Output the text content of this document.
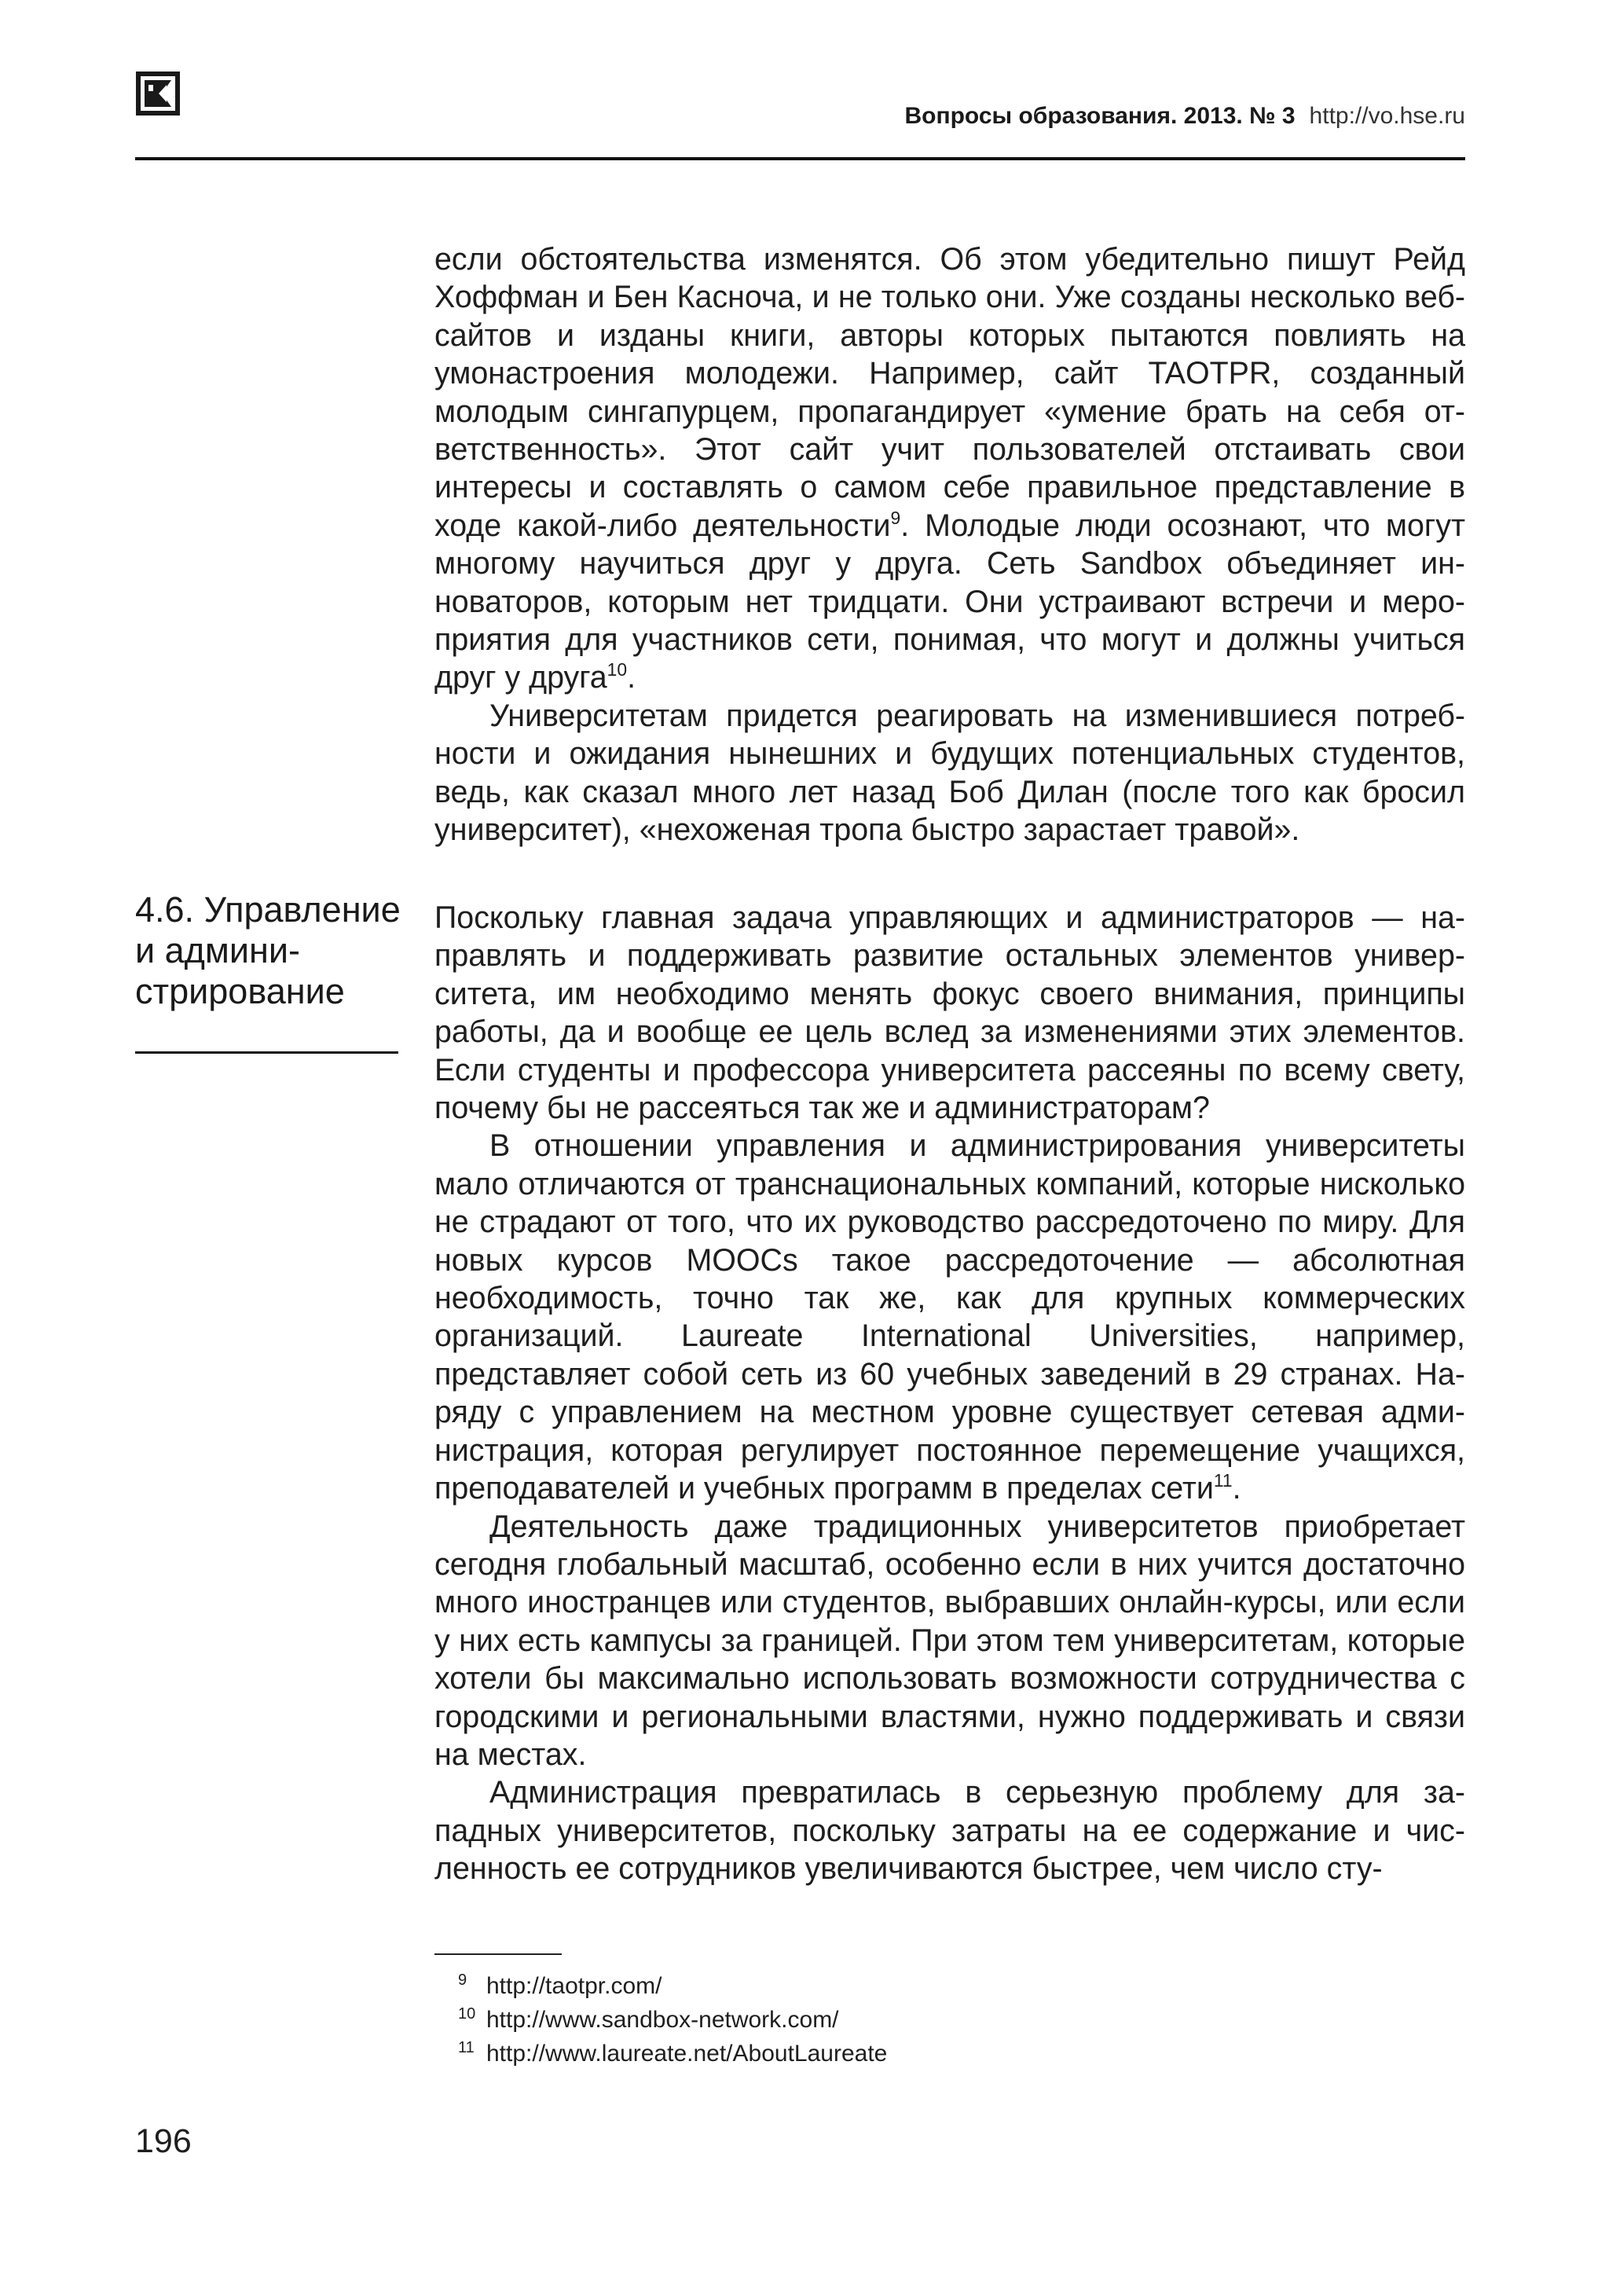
Вопросы образования. 2013. № 3 http://vo.hse.ru

если обстоятельства изменятся. Об этом убедительно пишут Рейд Хоффман и Бен Касноча, и не только они. Уже созданы несколько веб-сайтов и изданы книги, авторы которых пытаются повлиять на умонастроения молодежи. Например, сайт TAOTPR, созданный молодым сингапурцем, пропагандирует «умение брать на себя ответственность». Этот сайт учит пользователей отстаивать свои интересы и составлять о самом себе правильное представление в ходе какой-либо деятельности$^9$. Молодые люди осознают, что могут многому научиться друг у друга. Сеть Sandbox объединяет инноваторов, которым нет тридцати. Они устраивают встречи и мероприятия для участников сети, понимая, что могут и должны учиться друг у друга$^{10}$.

Университетам придется реагировать на изменившиеся потребности и ожидания нынешних и будущих потенциальных студентов, ведь, как сказал много лет назад Боб Дилан (после того как бросил университет), «нехоженая тропа быстро зарастает травой».

4.6. Управление и администрирование

Поскольку главная задача управляющих и администраторов — направлять и поддерживать развитие остальных элементов университета, им необходимо менять фокус своего внимания, принципы работы, да и вообще ее цель вслед за изменениями этих элементов. Если студенты и профессора университета рассеяны по всему свету, почему бы не рассеяться так же и администраторам?

В отношении управления и администрирования университеты мало отличаются от транснациональных компаний, которые нисколько не страдают от того, что их руководство рассредоточено по миру. Для новых курсов MOOCs такое рассредоточение — абсолютная необходимость, точно так же, как для крупных коммерческих организаций. Laureate International Universities, например, представляет собой сеть из 60 учебных заведений в 29 странах. Наряду с управлением на местном уровне существует сетевая администрация, которая регулирует постоянное перемещение учащихся, преподавателей и учебных программ в пределах сети$^{11}$.

Деятельность даже традиционных университетов приобретает сегодня глобальный масштаб, особенно если в них учится достаточно много иностранцев или студентов, выбравших онлайн-курсы, или если у них есть кампусы за границей. При этом тем университетам, которые хотели бы максимально использовать возможности сотрудничества с городскими и региональными властями, нужно поддерживать и связи на местах.

Администрация превратилась в серьезную проблему для западных университетов, поскольку затраты на ее содержание и численность ее сотрудников увеличиваются быстрее, чем число сту-

9 http://taotpr.com/
10 http://www.sandbox-network.com/
11 http://www.laureate.net/AboutLaureate
196
